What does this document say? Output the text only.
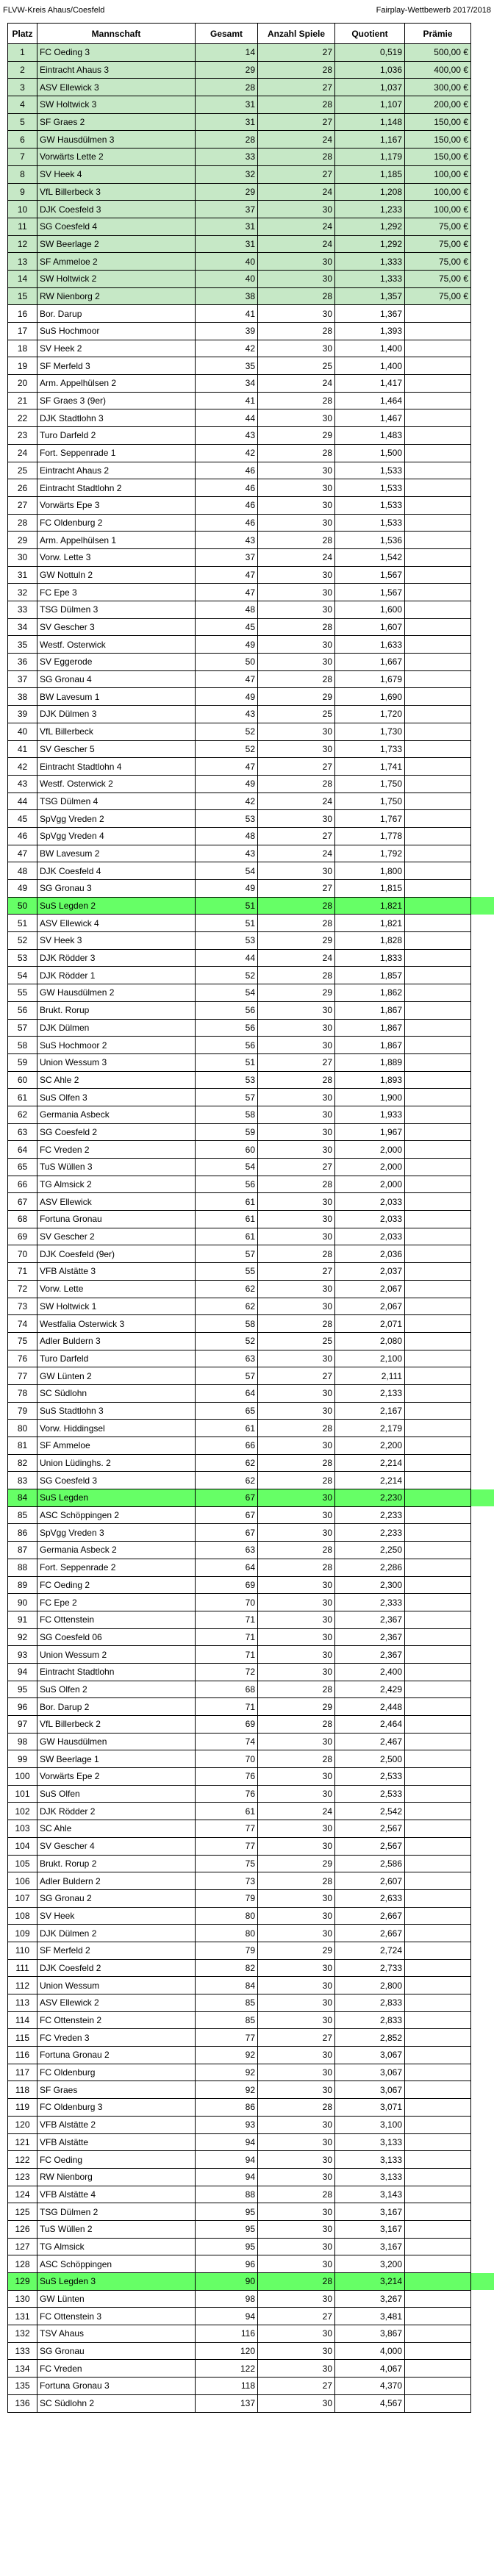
FLVW-Kreis Ahaus/Coesfeld	Fairplay-Wettbewerb 2017/2018
Platz	Mannschaft	Gesamt	Anzahl Spiele	Quotient	Prämie
1	FC Oeding 3	14	27	0,519	500,00 €
2	Eintracht Ahaus 3	29	28	1,036	400,00 €
3	ASV Ellewick 3	28	27	1,037	300,00 €
4	SW Holtwick 3	31	28	1,107	200,00 €
5	SF Graes 2	31	27	1,148	150,00 €
6	GW Hausdülmen 3	28	24	1,167	150,00 €
7	Vorwärts Lette 2	33	28	1,179	150,00 €
8	SV Heek 4	32	27	1,185	100,00 €
9	VfL Billerbeck 3	29	24	1,208	100,00 €
10	DJK Coesfeld 3	37	30	1,233	100,00 €
11	SG Coesfeld 4	31	24	1,292	75,00 €
12	SW Beerlage 2	31	24	1,292	75,00 €
13	SF Ammeloe 2	40	30	1,333	75,00 €
14	SW Holtwick 2	40	30	1,333	75,00 €
15	RW Nienborg 2	38	28	1,357	75,00 €
16	Bor. Darup	41	30	1,367	
17	SuS Hochmoor	39	28	1,393	
18	SV Heek 2	42	30	1,400	
19	SF Merfeld 3	35	25	1,400	
20	Arm. Appelhülsen 2	34	24	1,417	
21	SF Graes 3 (9er)	41	28	1,464	
22	DJK Stadtlohn 3	44	30	1,467	
23	Turo Darfeld 2	43	29	1,483	
24	Fort. Seppenrade 1	42	28	1,500	
25	Eintracht Ahaus 2	46	30	1,533	
26	Eintracht Stadtlohn 2	46	30	1,533	
27	Vorwärts Epe 3	46	30	1,533	
28	FC Oldenburg 2	46	30	1,533	
29	Arm. Appelhülsen 1	43	28	1,536	
30	Vorw. Lette 3	37	24	1,542	
31	GW Nottuln 2	47	30	1,567	
32	FC Epe 3	47	30	1,567	
33	TSG Dülmen 3	48	30	1,600	
34	SV Gescher 3	45	28	1,607	
35	Westf. Osterwick	49	30	1,633	
36	SV Eggerode	50	30	1,667	
37	SG Gronau 4	47	28	1,679	
38	BW Lavesum 1	49	29	1,690	
39	DJK Dülmen 3	43	25	1,720	
40	VfL Billerbeck	52	30	1,730	
41	SV Gescher 5	52	30	1,733	
42	Eintracht Stadtlohn 4	47	27	1,741	
43	Westf. Osterwick 2	49	28	1,750	
44	TSG Dülmen 4	42	24	1,750	
45	SpVgg Vreden 2	53	30	1,767	
46	SpVgg Vreden 4	48	27	1,778	
47	BW Lavesum 2	43	24	1,792	
48	DJK Coesfeld 4	54	30	1,800	
49	SG Gronau 3	49	27	1,815	
50	SuS Legden 2	51	28	1,821	
51	ASV Ellewick 4	51	28	1,821	
52	SV Heek 3	53	29	1,828	
53	DJK Rödder 3	44	24	1,833	
54	DJK Rödder 1	52	28	1,857	
55	GW Hausdülmen 2	54	29	1,862	
56	Brukt. Rorup	56	30	1,867	
57	DJK Dülmen	56	30	1,867	
58	SuS Hochmoor 2	56	30	1,867	
59	Union Wessum 3	51	27	1,889	
60	SC Ahle 2	53	28	1,893	
61	SuS Olfen 3	57	30	1,900	
62	Germania Asbeck	58	30	1,933	
63	SG Coesfeld 2	59	30	1,967	
64	FC Vreden 2	60	30	2,000	
65	TuS Wüllen 3	54	27	2,000	
66	TG Almsick 2	56	28	2,000	
67	ASV Ellewick	61	30	2,033	
68	Fortuna Gronau	61	30	2,033	
69	SV Gescher 2	61	30	2,033	
70	DJK Coesfeld (9er)	57	28	2,036	
71	VFB Alstätte 3	55	27	2,037	
72	Vorw. Lette	62	30	2,067	
73	SW Holtwick 1	62	30	2,067	
74	Westfalia Osterwick 3	58	28	2,071	
75	Adler Buldern 3	52	25	2,080	
76	Turo Darfeld	63	30	2,100	
77	GW Lünten 2	57	27	2,111	
78	SC Südlohn	64	30	2,133	
79	SuS Stadtlohn 3	65	30	2,167	
80	Vorw. Hiddingsel	61	28	2,179	
81	SF Ammeloe	66	30	2,200	
82	Union Lüdinghs. 2	62	28	2,214	
83	SG Coesfeld 3	62	28	2,214	
84	SuS Legden	67	30	2,230	
85	ASC Schöppingen 2	67	30	2,233	
86	SpVgg Vreden 3	67	30	2,233	
87	Germania Asbeck 2	63	28	2,250	
88	Fort. Seppenrade 2	64	28	2,286	
89	FC Oeding 2	69	30	2,300	
90	FC Epe 2	70	30	2,333	
91	FC Ottenstein	71	30	2,367	
92	SG Coesfeld 06	71	30	2,367	
93	Union Wessum 2	71	30	2,367	
94	Eintracht Stadtlohn	72	30	2,400	
95	SuS Olfen 2	68	28	2,429	
96	Bor. Darup 2	71	29	2,448	
97	VfL Billerbeck 2	69	28	2,464	
98	GW Hausdülmen	74	30	2,467	
99	SW Beerlage 1	70	28	2,500	
100	Vorwärts Epe 2	76	30	2,533	
101	SuS Olfen	76	30	2,533	
102	DJK Rödder 2	61	24	2,542	
103	SC Ahle	77	30	2,567	
104	SV Gescher 4	77	30	2,567	
105	Brukt. Rorup 2	75	29	2,586	
106	Adler Buldern 2	73	28	2,607	
107	SG Gronau 2	79	30	2,633	
108	SV Heek	80	30	2,667	
109	DJK Dülmen 2	80	30	2,667	
110	SF Merfeld 2	79	29	2,724	
111	DJK Coesfeld 2	82	30	2,733	
112	Union Wessum	84	30	2,800	
113	ASV Ellewick 2	85	30	2,833	
114	FC Ottenstein 2	85	30	2,833	
115	FC Vreden 3	77	27	2,852	
116	Fortuna Gronau 2	92	30	3,067	
117	FC Oldenburg	92	30	3,067	
118	SF Graes	92	30	3,067	
119	FC Oldenburg 3	86	28	3,071	
120	VFB Alstätte 2	93	30	3,100	
121	VFB Alstätte	94	30	3,133	
122	FC Oeding	94	30	3,133	
123	RW Nienborg	94	30	3,133	
124	VFB Alstätte 4	88	28	3,143	
125	TSG Dülmen 2	95	30	3,167	
126	TuS Wüllen 2	95	30	3,167	
127	TG Almsick	95	30	3,167	
128	ASC Schöppingen	96	30	3,200	
129	SuS Legden 3	90	28	3,214	
130	GW Lünten	98	30	3,267	
131	FC Ottenstein 3	94	27	3,481	
132	TSV Ahaus	116	30	3,867	
133	SG Gronau	120	30	4,000	
134	FC Vreden	122	30	4,067	
135	Fortuna Gronau 3	118	27	4,370	
136	SC Südlohn 2	137	30	4,567	
